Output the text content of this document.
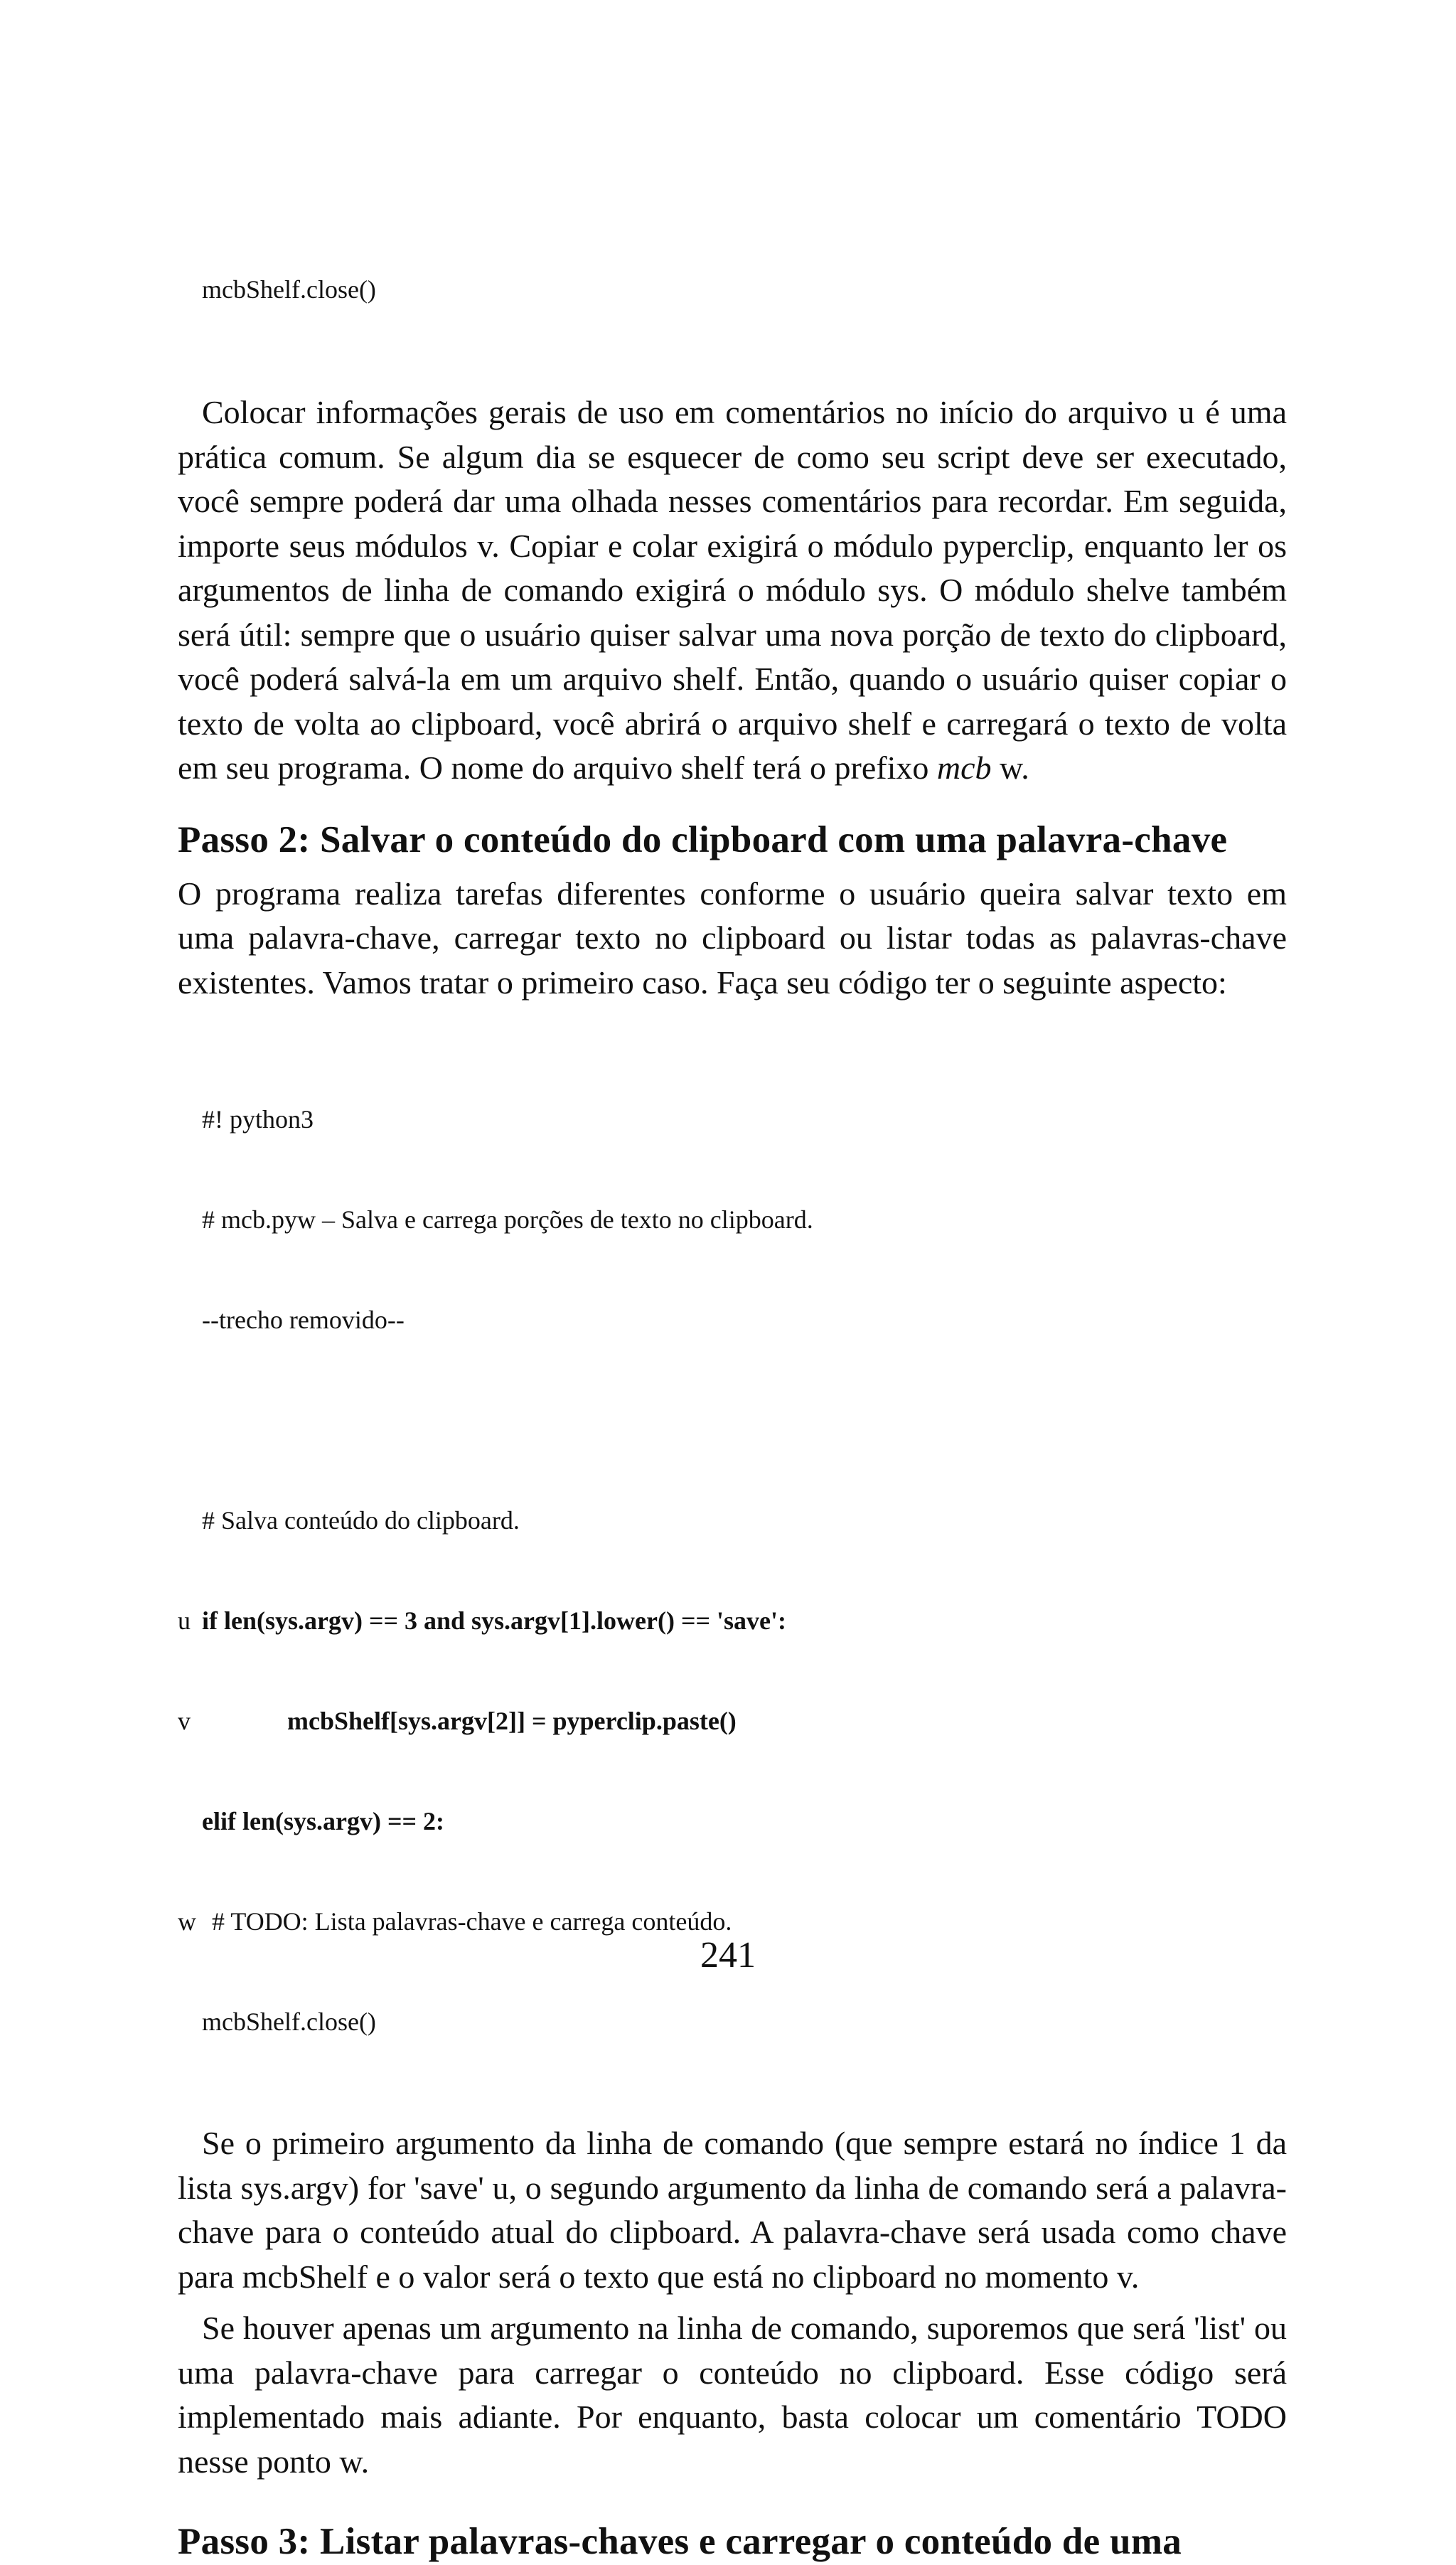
mcbShelf.close()

Colocar informações gerais de uso em comentários no início do arquivo u é uma prática comum. Se algum dia se esquecer de como seu script deve ser executado, você sempre poderá dar uma olhada nesses comentários para recordar. Em seguida, importe seus módulos v. Copiar e colar exigirá o módulo pyperclip, enquanto ler os argumentos de linha de comando exigirá o módulo sys. O módulo shelve também será útil: sempre que o usuário quiser salvar uma nova porção de texto do clipboard, você poderá salvá-la em um arquivo shelf. Então, quando o usuário quiser copiar o texto de volta ao clipboard, você abrirá o arquivo shelf e carregará o texto de volta em seu programa. O nome do arquivo shelf terá o prefixo mcb w.

Passo 2: Salvar o conteúdo do clipboard com uma palavra-chave

O programa realiza tarefas diferentes conforme o usuário queira salvar texto em uma palavra-chave, carregar texto no clipboard ou listar todas as palavras-chave existentes. Vamos tratar o primeiro caso. Faça seu código ter o seguinte aspecto:

#! python3

# mcb.pyw – Salva e carrega porções de texto no clipboard.

--trecho removido--

# Salva conteúdo do clipboard.

u if len(sys.argv) == 3 and sys.argv[1].lower() == 'save':

v	mcbShelf[sys.argv[2]] = pyperclip.paste()

elif len(sys.argv) == 2:

w # TODO: Lista palavras-chave e carrega conteúdo.

mcbShelf.close()

Se o primeiro argumento da linha de comando (que sempre estará no índice 1 da lista sys.argv) for 'save' u, o segundo argumento da linha de comando será a palavra-chave para o conteúdo atual do clipboard. A palavra-chave será usada como chave para mcbShelf e o valor será o texto que está no clipboard no momento v.

Se houver apenas um argumento na linha de comando, suporemos que será 'list' ou uma palavra-chave para carregar o conteúdo no clipboard. Esse código será implementado mais adiante. Por enquanto, basta colocar um comentário TODO nesse ponto w.

Passo 3: Listar palavras-chaves e carregar o conteúdo de uma
241
